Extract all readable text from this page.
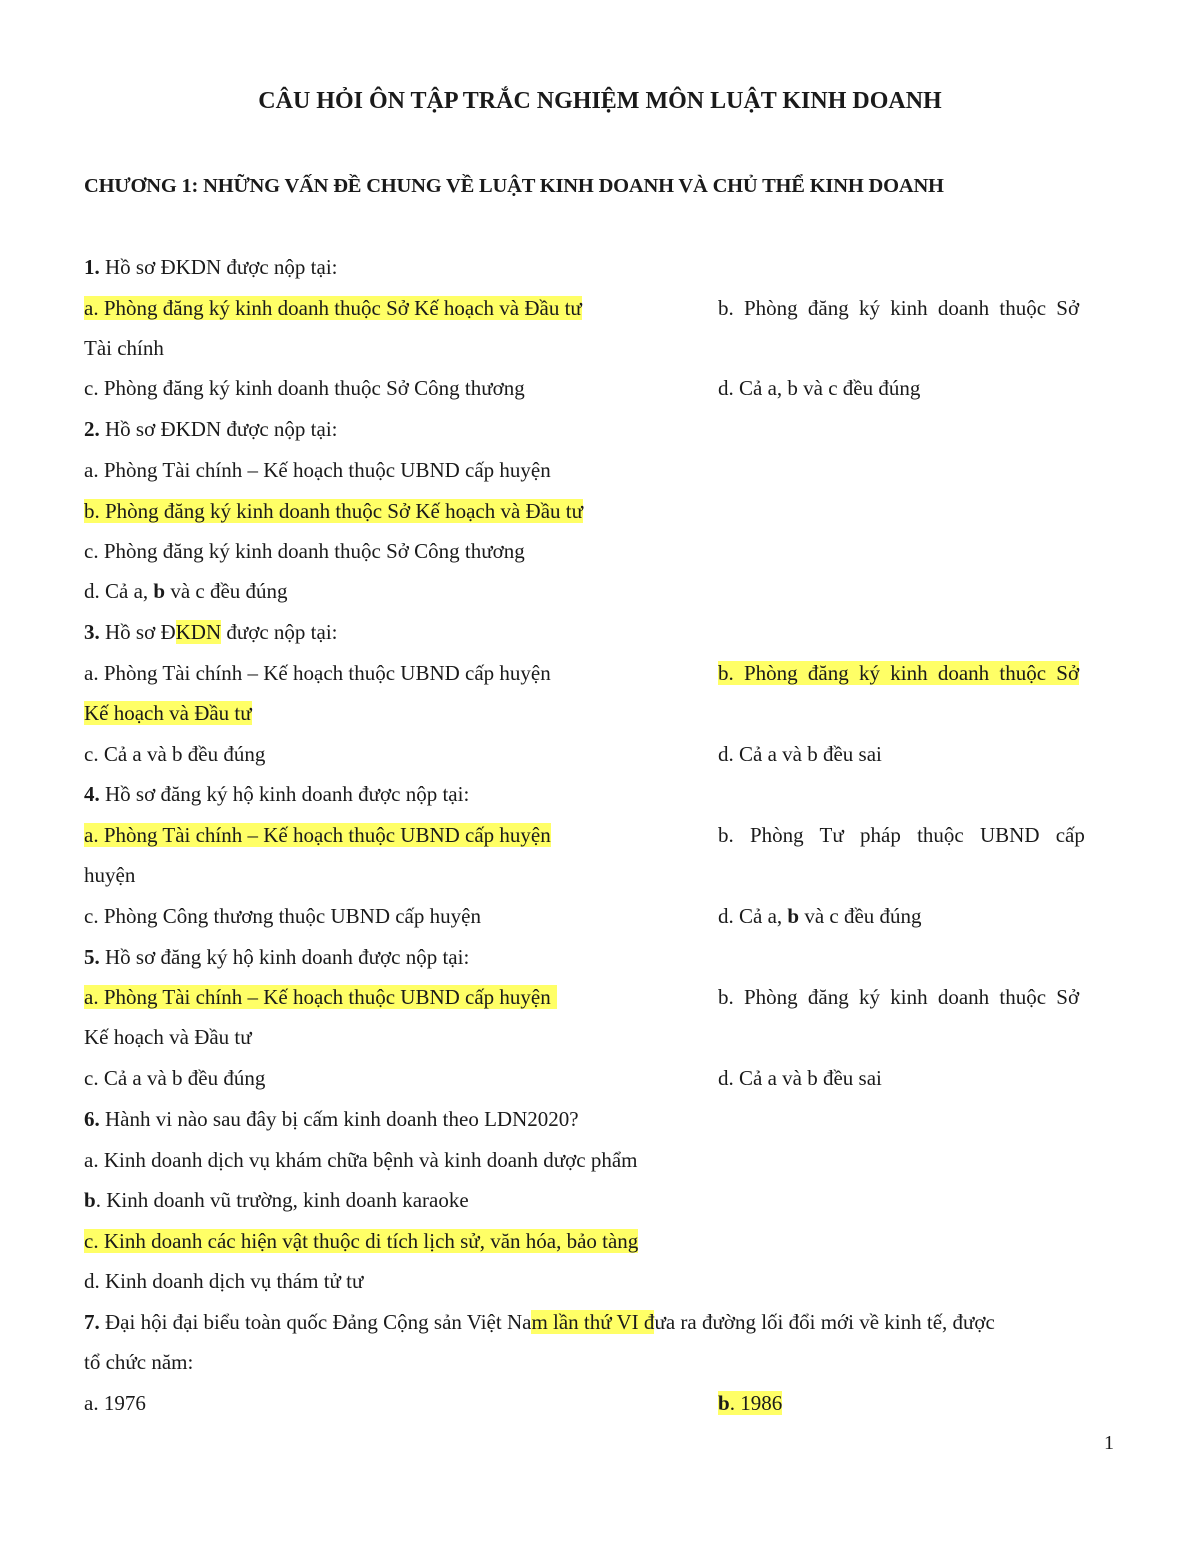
CÂU HỎI ÔN TẬP TRẮC NGHIỆM MÔN LUẬT KINH DOANH
CHƯƠNG 1: NHỮNG VẤN ĐỀ CHUNG VỀ LUẬT KINH DOANH VÀ CHỦ THỂ KINH DOANH
1. Hồ sơ ĐKDN được nộp tại:
a. Phòng đăng ký kinh doanh thuộc Sở Kế hoạch và Đầu tư	b. Phòng đăng ký kinh doanh thuộc Sở
Tài chính
c. Phòng đăng ký kinh doanh thuộc Sở Công thương	d. Cả a, b và c đều đúng
2. Hồ sơ ĐKDN được nộp tại:
a. Phòng Tài chính – Kế hoạch thuộc UBND cấp huyện
b. Phòng đăng ký kinh doanh thuộc Sở Kế hoạch và Đầu tư
c. Phòng đăng ký kinh doanh thuộc Sở Công thương
d. Cả a, b và c đều đúng
3. Hồ sơ ĐKDN được nộp tại:
a. Phòng Tài chính – Kế hoạch thuộc UBND cấp huyện	b. Phòng đăng ký kinh doanh thuộc Sở
Kế hoạch và Đầu tư
c. Cả a và b đều đúng	d. Cả a và b đều sai
4. Hồ sơ đăng ký hộ kinh doanh được nộp tại:
a. Phòng Tài chính – Kế hoạch thuộc UBND cấp huyện	b. Phòng Tư pháp thuộc UBND cấp
huyện
c. Phòng Công thương thuộc UBND cấp huyện	d. Cả a, b và c đều đúng
5. Hồ sơ đăng ký hộ kinh doanh được nộp tại:
a. Phòng Tài chính – Kế hoạch thuộc UBND cấp huyện	b. Phòng đăng ký kinh doanh thuộc Sở
Kế hoạch và Đầu tư
c. Cả a và b đều đúng	d. Cả a và b đều sai
6. Hành vi nào sau đây bị cấm kinh doanh theo LDN2020?
a. Kinh doanh dịch vụ khám chữa bệnh và kinh doanh dược phẩm
b. Kinh doanh vũ trường, kinh doanh karaoke
c. Kinh doanh các hiện vật thuộc di tích lịch sử, văn hóa, bảo tàng
d. Kinh doanh dịch vụ thám tử tư
7. Đại hội đại biểu toàn quốc Đảng Cộng sản Việt Nam lần thứ VI đưa ra đường lối đổi mới về kinh tế, được
tổ chức năm:
a. 1976	b. 1986
1
